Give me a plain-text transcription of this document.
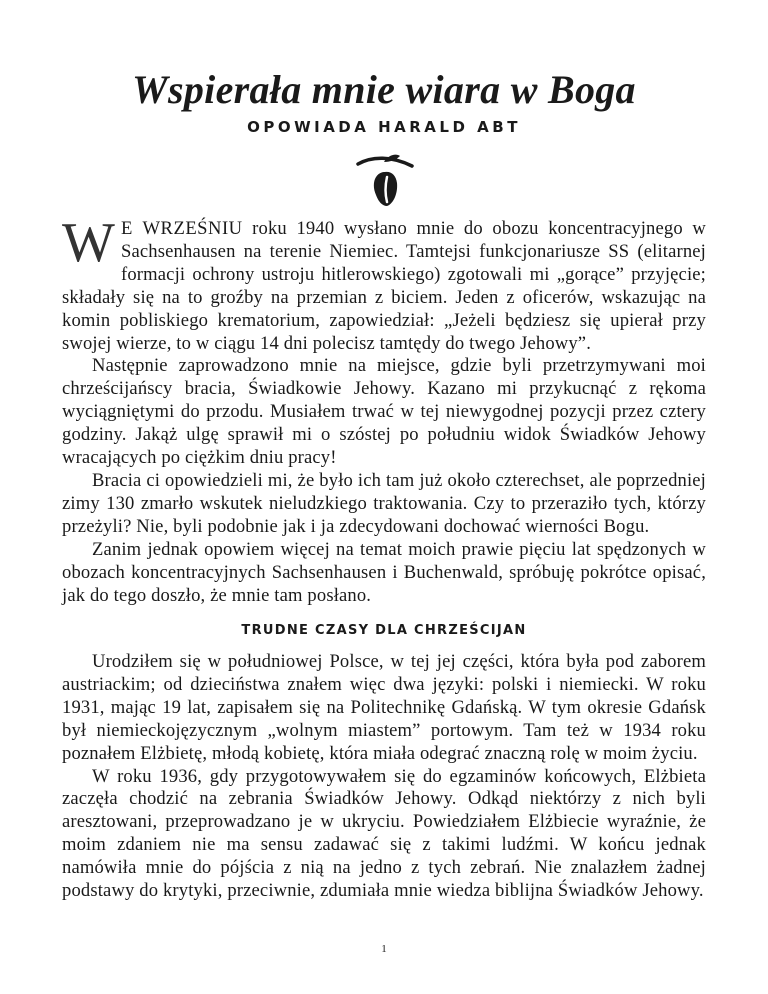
Wspierała mnie wiara w Boga
OPOWIADA HARALD ABT

W E WRZEŚNIU roku 1940 wysłano mnie do obozu koncentracyjnego w Sachsenhausen na terenie Niemiec. Tamtejsi funkcjonariusze SS (elitarnej formacji ochrony ustroju hitlerowskiego) zgotowali mi „gorące” przyjęcie; składały się na to groźby na przemian z biciem. Jeden z oficerów, wskazując na komin pobliskiego krematorium, zapowiedział: „Jeżeli będziesz się upierał przy swojej wierze, to w ciągu 14 dni polecisz tamtędy do twego Jehowy”.

Następnie zaprowadzono mnie na miejsce, gdzie byli przetrzymywani moi chrześcijańscy bracia, Świadkowie Jehowy. Kazano mi przykucnąć z rękoma wyciągniętymi do przodu. Musiałem trwać w tej niewygodnej pozycji przez cztery godziny. Jakąż ulgę sprawił mi o szóstej po południu widok Świadków Jehowy wracających po ciężkim dniu pracy!

Bracia ci opowiedzieli mi, że było ich tam już około czterechset, ale poprzedniej zimy 130 zmarło wskutek nieludzkiego traktowania. Czy to przeraziło tych, którzy przeżyli? Nie, byli podobnie jak i ja zdecydowani dochować wierności Bogu.

Zanim jednak opowiem więcej na temat moich prawie pięciu lat spędzonych w obozach koncentracyjnych Sachsenhausen i Buchenwald, spróbuję pokrótce opisać, jak do tego doszło, że mnie tam posłano.

TRUDNE CZASY DLA CHRZEŚCIJAN

Urodziłem się w południowej Polsce, w tej jej części, która była pod zaborem austriackim; od dzieciństwa znałem więc dwa języki: polski i niemiecki. W roku 1931, mając 19 lat, zapisałem się na Politechnikę Gdańską. W tym okresie Gdańsk był niemieckojęzycznym „wolnym miastem” portowym. Tam też w 1934 roku poznałem Elżbietę, młodą kobietę, która miała odegrać znaczną rolę w moim życiu.

W roku 1936, gdy przygotowywałem się do egzaminów końcowych, Elżbieta zaczęła chodzić na zebrania Świadków Jehowy. Odkąd niektórzy z nich byli aresztowani, przeprowadzano je w ukryciu. Powiedziałem Elżbiecie wyraźnie, że moim zdaniem nie ma sensu zadawać się z takimi ludźmi. W końcu jednak namówiła mnie do pójścia z nią na jedno z tych zebrań. Nie znalazłem żadnej podstawy do krytyki, przeciwnie, zdumiała mnie wiedza biblijna Świadków Jehowy.

1
